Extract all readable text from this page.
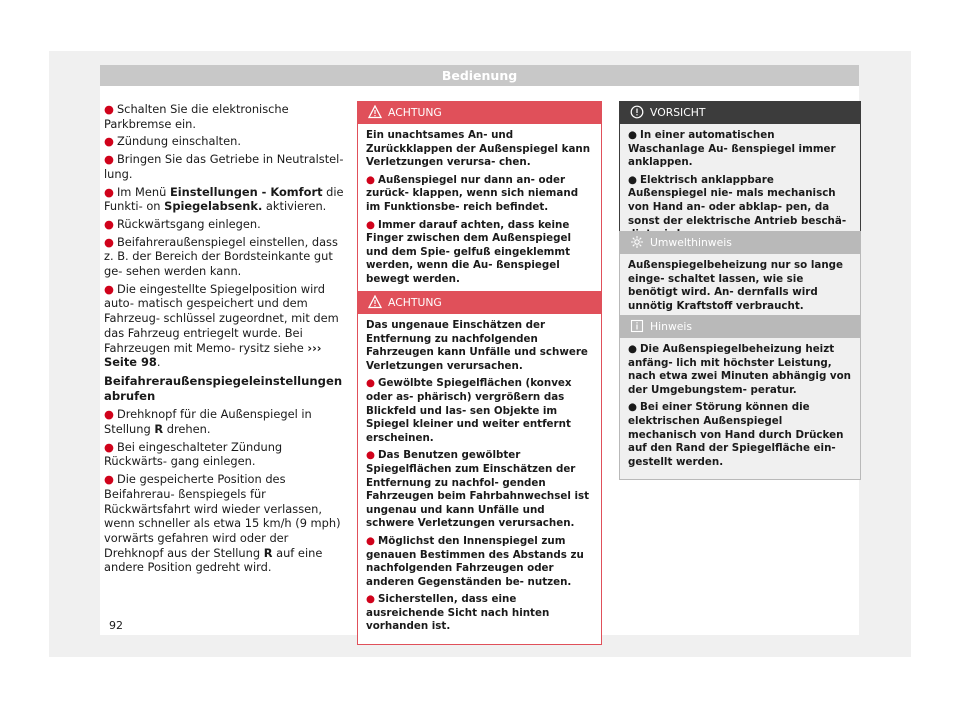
Bedienung
● Schalten Sie die elektronische Parkbremse ein.
● Zündung einschalten.
● Bringen Sie das Getriebe in Neutralstel- lung.
● Im Menü Einstellungen - Komfort die Funkti- on Spiegelabsenk. aktivieren.
● Rückwärtsgang einlegen.
● Beifahreraußenspiegel einstellen, dass z. B. der Bereich der Bordsteinkante gut ge- sehen werden kann.
● Die eingestellte Spiegelposition wird auto- matisch gespeichert und dem Fahrzeug- schlüssel zugeordnet, mit dem das Fahrzeug entriegelt wurde. Bei Fahrzeugen mit Memo- rysitz siehe ››› Seite 98.
Beifahreraußenspiegeleinstellungen abrufen
● Drehknopf für die Außenspiegel in Stellung R drehen.
● Bei eingeschalteter Zündung Rückwärts- gang einlegen.
● Die gespeicherte Position des Beifahrerau- ßenspiegels für Rückwärtsfahrt wird wieder verlassen, wenn schneller als etwa 15 km/h (9 mph) vorwärts gefahren wird oder der Drehknopf aus der Stellung R auf eine andere Position gedreht wird.
ACHTUNG

Ein unachtsames An- und Zurückklappen der Außenspiegel kann Verletzungen verursa- chen.

● Außenspiegel nur dann an- oder zurück- klappen, wenn sich niemand im Funktionsbe- reich befindet.

● Immer darauf achten, dass keine Finger zwischen dem Außenspiegel und dem Spie- gelfuß eingeklemmt werden, wenn die Au- ßenspiegel bewegt werden.

ACHTUNG

Das ungenaue Einschätzen der Entfernung zu nachfolgenden Fahrzeugen kann Unfälle und schwere Verletzungen verursachen.

● Gewölbte Spiegelflächen (konvex oder as- phärisch) vergrößern das Blickfeld und las- sen Objekte im Spiegel kleiner und weiter entfernt erscheinen.

● Das Benutzen gewölbter Spiegelflächen zum Einschätzen der Entfernung zu nachfol- genden Fahrzeugen beim Fahrbahnwechsel ist ungenau und kann Unfälle und schwere Verletzungen verursachen.

● Möglichst den Innenspiegel zum genauen Bestimmen des Abstands zu nachfolgenden Fahrzeugen oder anderen Gegenständen be- nutzen.

● Sicherstellen, dass eine ausreichende Sicht nach hinten vorhanden ist.

VORSICHT

● In einer automatischen Waschanlage Au- ßenspiegel immer anklappen.

● Elektrisch anklappbare Außenspiegel nie- mals mechanisch von Hand an- oder abklap- pen, da sonst der elektrische Antrieb beschä-

Umwelthinweis

Außenspiegelbeheizung nur so lange einge- schaltet lassen, wie sie benötigt wird. An- dernfalls wird unnötig Kraftstoff verbraucht.

Hinweis

● Die Außenspiegelbeheizung heizt anfäng- lich mit höchster Leistung, nach etwa zwei Minuten abhängig von der Umgebungstem- peratur.

● Bei einer Störung können die elektrischen Außenspiegel mechanisch von Hand durch Drücken auf den Rand der Spiegelfläche ein- gestellt werden.

92
